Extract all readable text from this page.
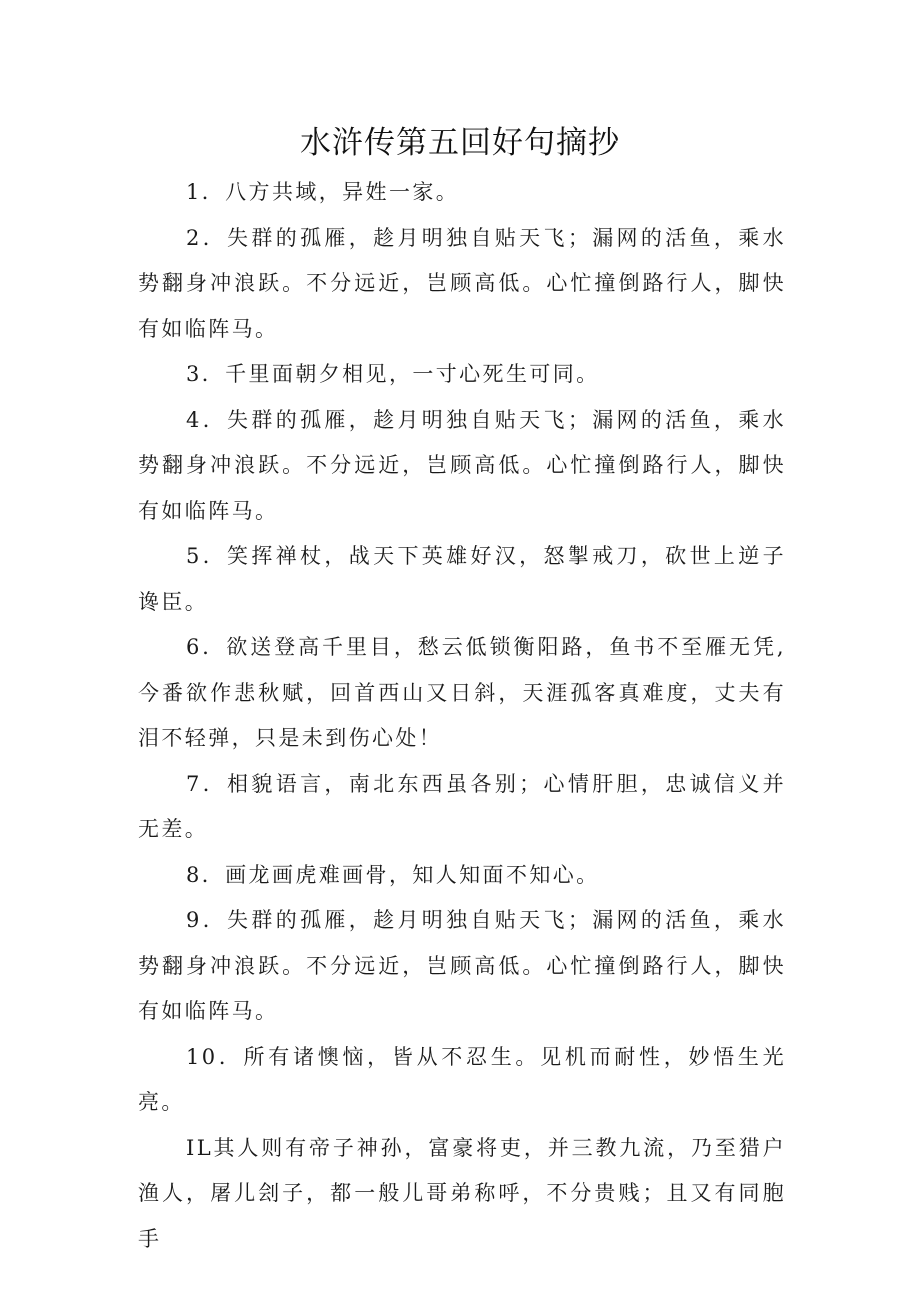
水浒传第五回好句摘抄

1．八方共域，异姓一家。

2．失群的孤雁，趁月明独自贴天飞；漏网的活鱼，乘水势翻身冲浪跃。不分远近，岂顾高低。心忙撞倒路行人，脚快有如临阵马。

3．千里面朝夕相见，一寸心死生可同。

4．失群的孤雁，趁月明独自贴天飞；漏网的活鱼，乘水势翻身冲浪跃。不分远近，岂顾高低。心忙撞倒路行人，脚快有如临阵马。

5．笑挥禅杖，战天下英雄好汉，怒掣戒刀，砍世上逆子谗臣。

6．欲送登高千里目，愁云低锁衡阳路，鱼书不至雁无凭,今番欲作悲秋赋，回首西山又日斜，天涯孤客真难度，丈夫有泪不轻弹，只是未到伤心处！

7．相貌语言，南北东西虽各别；心情肝胆，忠诚信义并无差。

8．画龙画虎难画骨，知人知面不知心。

9．失群的孤雁，趁月明独自贴天飞；漏网的活鱼，乘水势翻身冲浪跃。不分远近，岂顾高低。心忙撞倒路行人，脚快有如临阵马。

10．所有诸懊恼，皆从不忍生。见机而耐性，妙悟生光亮。

IL其人则有帝子神孙，富豪将吏，并三教九流，乃至猎户渔人，屠儿刽子，都一般儿哥弟称呼，不分贵贱；且又有同胞手
